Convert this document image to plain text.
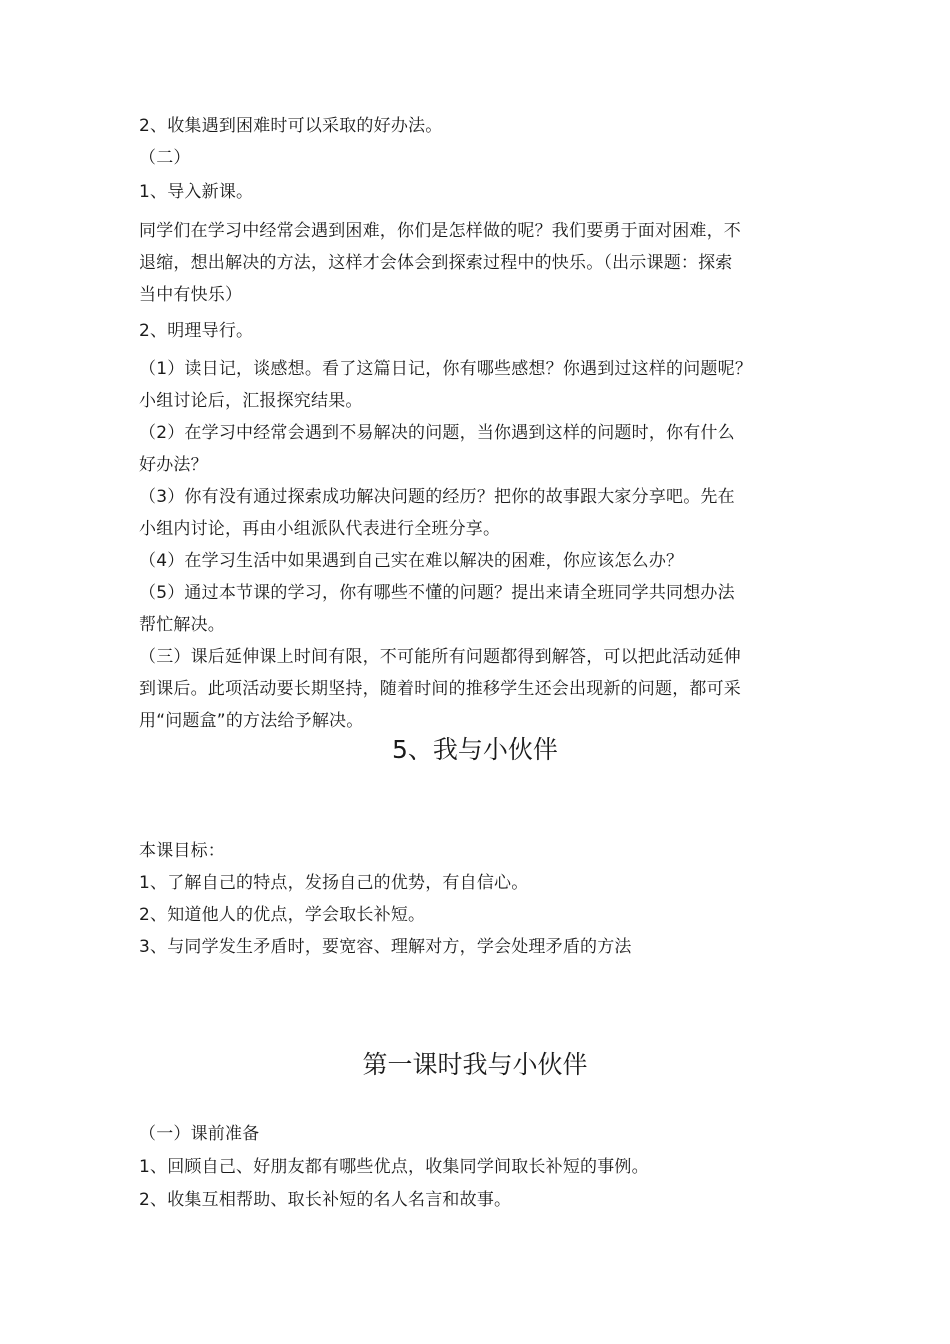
2、收集遇到困难时可以采取的好办法。
（二）
1、导入新课。
同学们在学习中经常会遇到困难，你们是怎样做的呢？我们要勇于面对困难，不
退缩，想出解决的方法，这样才会体会到探索过程中的快乐。（出示课题：探索
当中有快乐）
2、明理导行。
（1）读日记，谈感想。看了这篇日记，你有哪些感想？你遇到过这样的问题呢？
小组讨论后，汇报探究结果。
（2）在学习中经常会遇到不易解决的问题，当你遇到这样的问题时，你有什么
好办法？
（3）你有没有通过探索成功解决问题的经历？把你的故事跟大家分享吧。先在
小组内讨论，再由小组派队代表进行全班分享。
（4）在学习生活中如果遇到自己实在难以解决的困难，你应该怎么办？
（5）通过本节课的学习，你有哪些不懂的问题？提出来请全班同学共同想办法
帮忙解决。
（三）课后延伸课上时间有限，不可能所有问题都得到解答，可以把此活动延伸
到课后。此项活动要长期坚持，随着时间的推移学生还会出现新的问题，都可采
用“问题盒”的方法给予解决。
5、我与小伙伴
本课目标：
1、了解自己的特点，发扬自己的优势，有自信心。
2、知道他人的优点，学会取长补短。
3、与同学发生矛盾时，要宽容、理解对方，学会处理矛盾的方法
第一课时我与小伙伴
（一）课前准备
1、回顾自己、好朋友都有哪些优点，收集同学间取长补短的事例。
2、收集互相帮助、取长补短的名人名言和故事。
